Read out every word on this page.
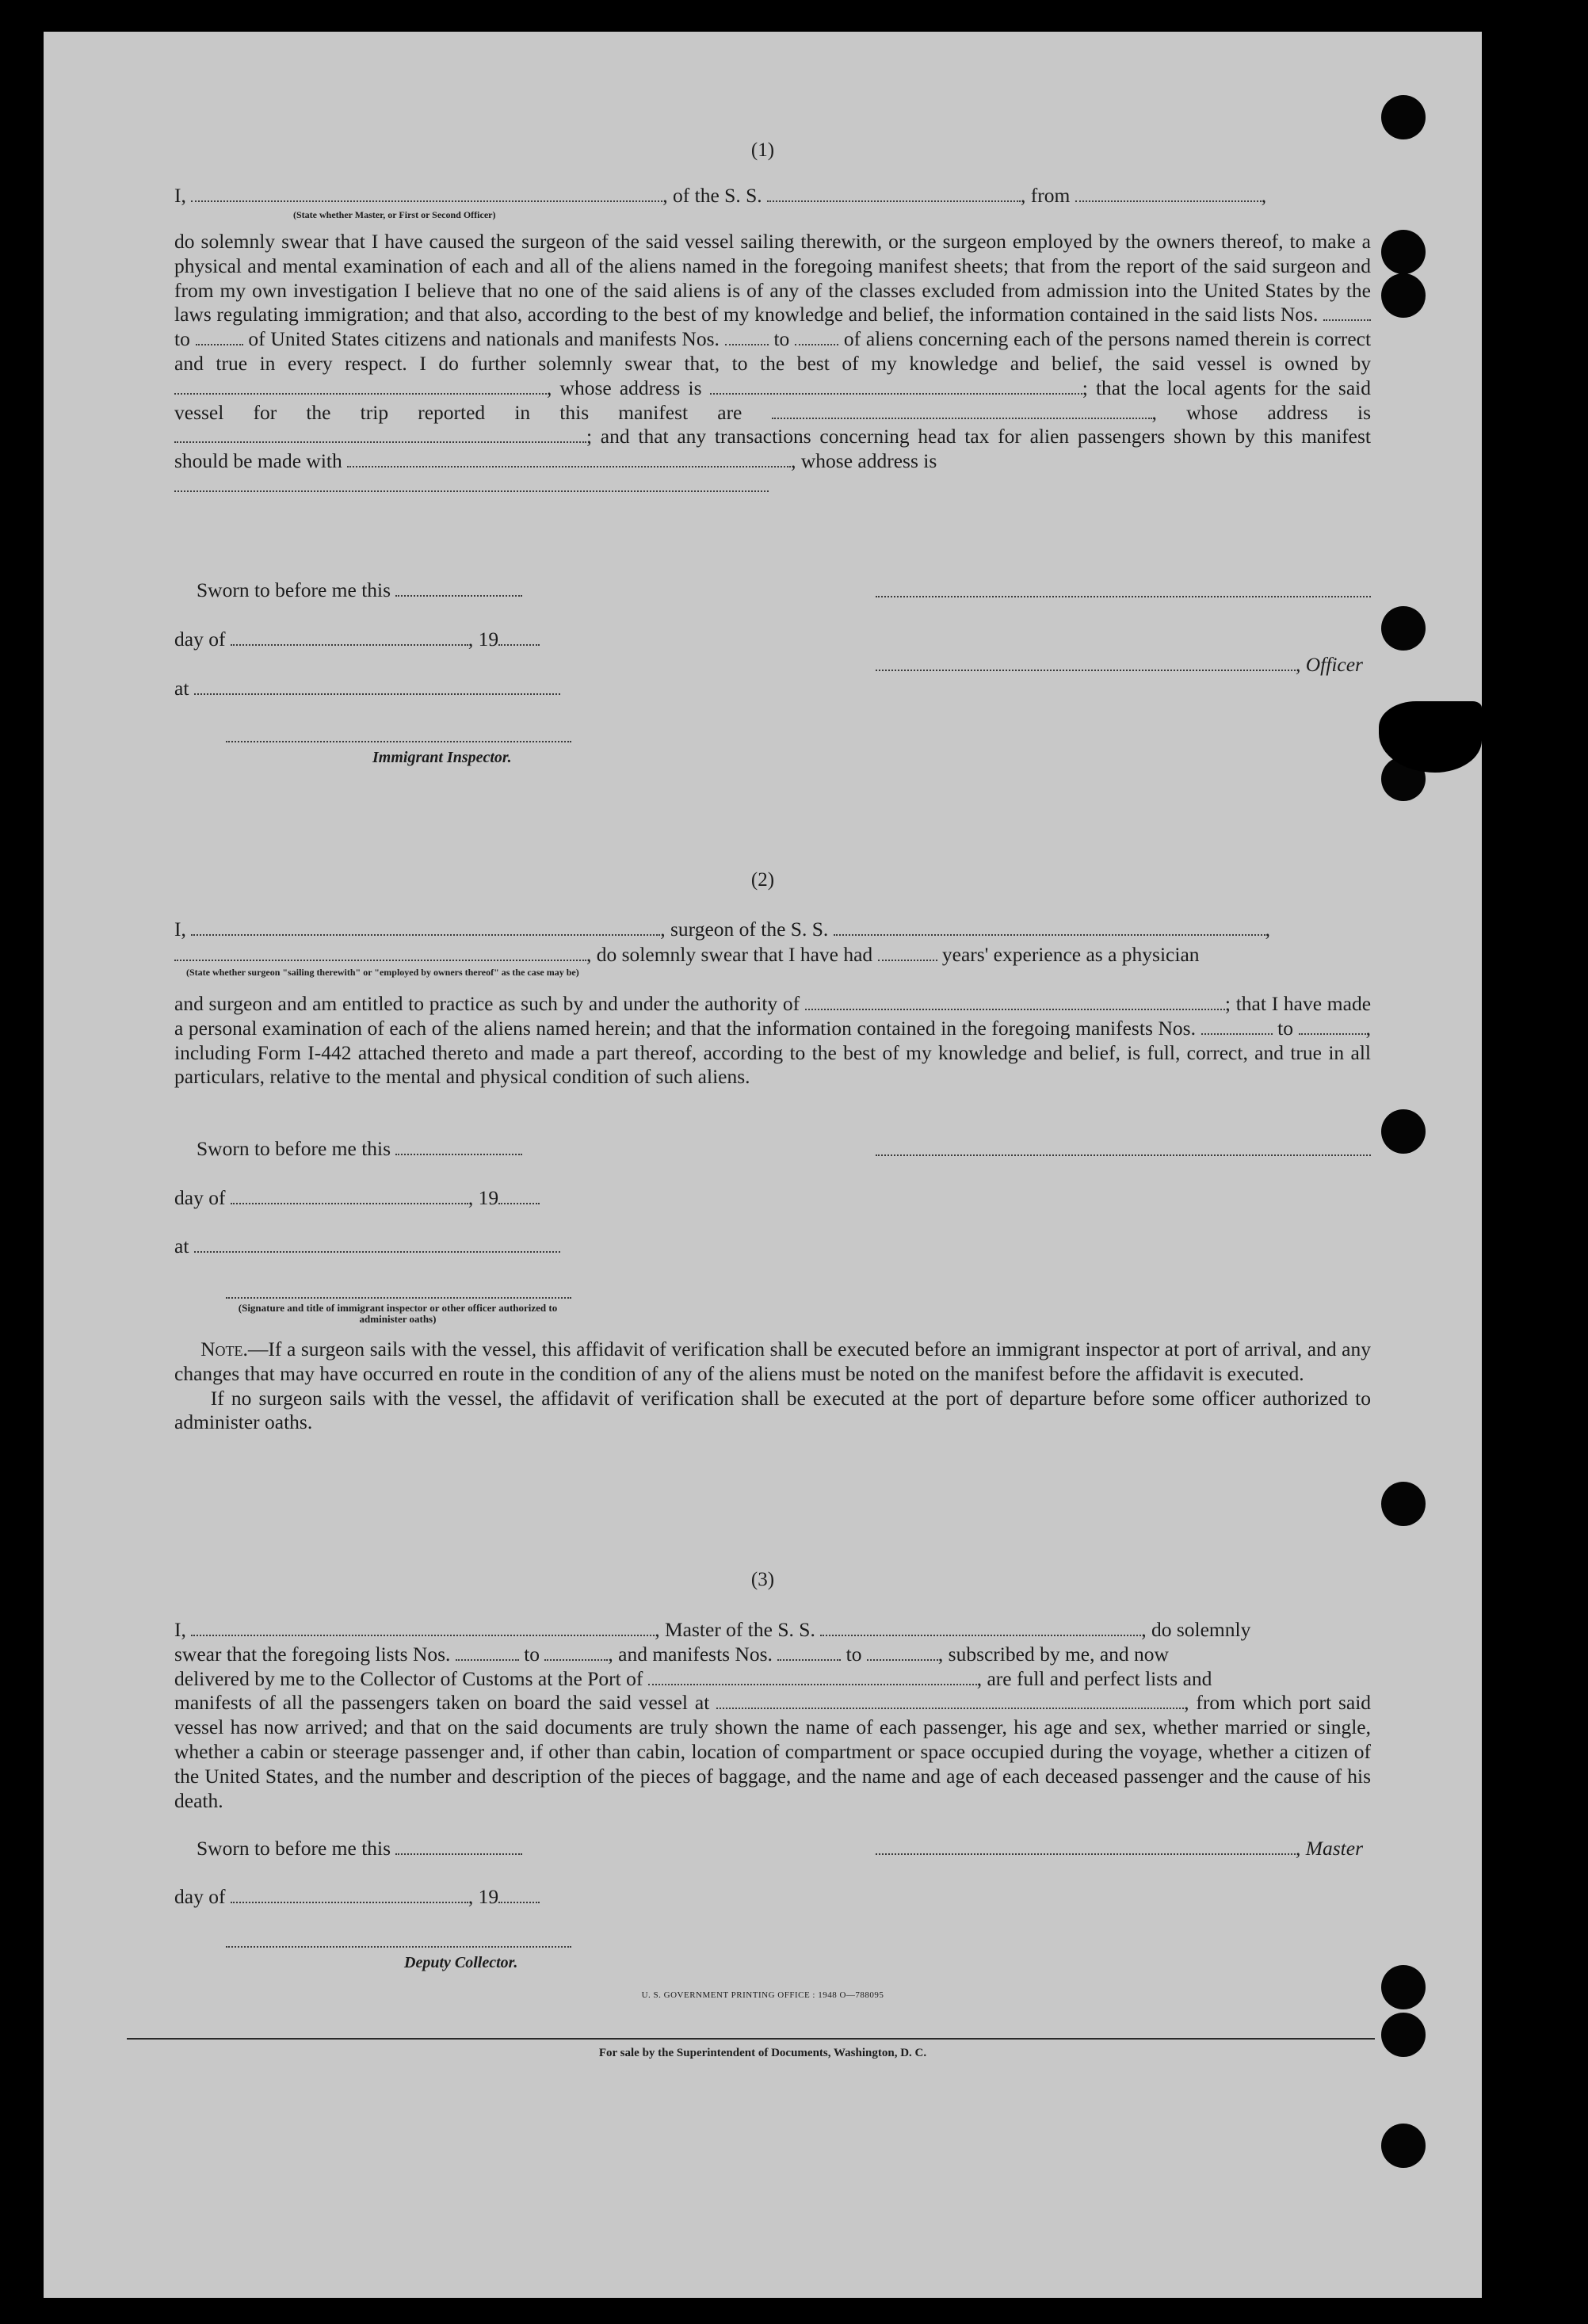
(1)
I,	, of the S. S.	, from	,
(State whether Master, or First or Second Officer)
do solemnly swear that I have caused the surgeon of the said vessel sailing therewith, or the surgeon employed by the owners thereof, to make a physical and mental examination of each and all of the aliens named in the foregoing manifest sheets; that from the report of the said surgeon and from my own investigation I believe that no one of the said aliens is of any of the classes excluded from admission into the United States by the laws regulating immigration; and that also, according to the best of my knowledge and belief, the information contained in the said lists Nos.  to	of United States citizens and nationals and manifests Nos.	to	of aliens concerning each of the persons named therein is correct and true in every respect. I do further solemnly swear that, to the best of my knowledge and belief, the said vessel is owned by , whose address is	; that the local agents for the said vessel for the trip reported in this manifest are	, whose address is ; and that any transactions concerning head tax for alien passengers shown by this manifest should be made with	, whose address is

Sworn to before me this
day of	, 19
, Officer
at
Immigrant Inspector.
(2)
I,	, surgeon of the S. S.	,
, do solemnly swear that I have had	years' experience as a physician
(State whether surgeon "sailing therewith" or "employed by owners thereof" as the case may be)
and surgeon and am entitled to practice as such by and under the authority of	; that I have made a personal examination of each of the aliens named herein; and that the information contained in the foregoing manifests Nos.	to	, including Form I-442 attached thereto and made a part thereof, according to the best of my knowledge and belief, is full, correct, and true in all particulars, relative to the mental and physical condition of such aliens.
Sworn to before me this
day of	, 19
at
(Signature and title of immigrant inspector or other officer authorized to administer oaths)
Note.—If a surgeon sails with the vessel, this affidavit of verification shall be executed before an immigrant inspector at port of arrival, and any changes that may have occurred en route in the condition of any of the aliens must be noted on the manifest before the affidavit is executed.
If no surgeon sails with the vessel, the affidavit of verification shall be executed at the port of departure before some officer authorized to administer oaths.
(3)
I,	, Master of the S. S.	, do solemnly
swear that the foregoing lists Nos.	to	, and manifests Nos.	to	, subscribed by me, and now
delivered by me to the Collector of Customs at the Port of	, are full and perfect lists and
manifests of all the passengers taken on board the said vessel at	, from which port said vessel has now arrived; and that on the said documents are truly shown the name of each passenger, his age and sex, whether married or single, whether a cabin or steerage passenger and, if other than cabin, location of compartment or space occupied during the voyage, whether a citizen of the United States, and the number and description of the pieces of baggage, and the name and age of each deceased passenger and the cause of his death.
Sworn to before me this	, Master
day of	, 19
Deputy Collector.
U. S. GOVERNMENT PRINTING OFFICE : 1948 O—788095
For sale by the Superintendent of Documents, Washington, D. C.
